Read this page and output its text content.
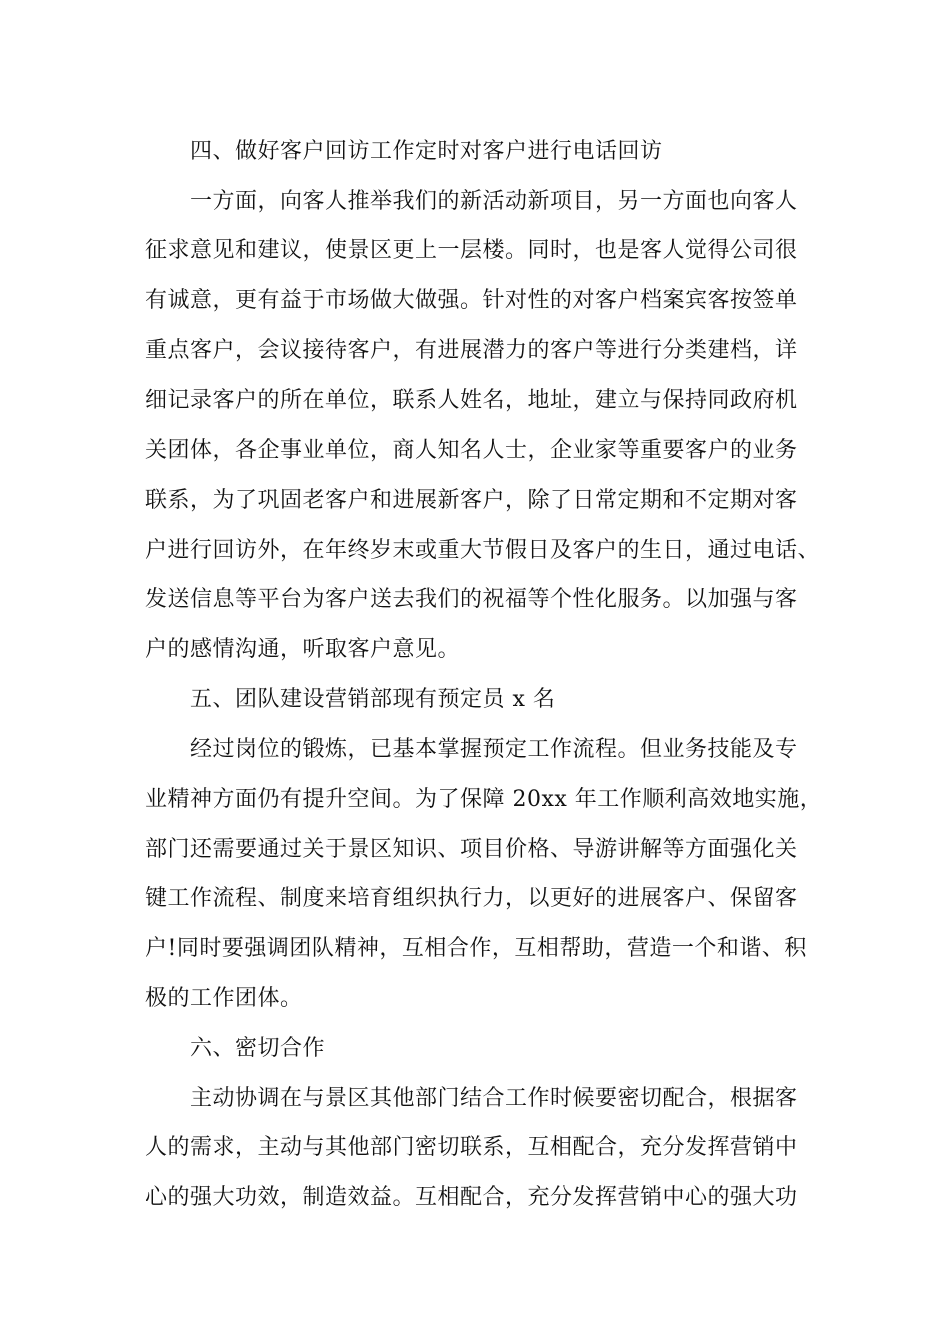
四、做好客户回访工作定时对客户进行电话回访
一方面，向客人推举我们的新活动新项目，另一方面也向客人
征求意见和建议，使景区更上一层楼。同时，也是客人觉得公司很
有诚意，更有益于市场做大做强。针对性的对客户档案宾客按签单
重点客户，会议接待客户，有进展潜力的客户等进行分类建档，详
细记录客户的所在单位，联系人姓名，地址，建立与保持同政府机
关团体，各企事业单位，商人知名人士，企业家等重要客户的业务
联系，为了巩固老客户和进展新客户，除了日常定期和不定期对客
户进行回访外，在年终岁末或重大节假日及客户的生日，通过电话、
发送信息等平台为客户送去我们的祝福等个性化服务。以加强与客
户的感情沟通，听取客户意见。
五、团队建设营销部现有预定员 x 名
经过岗位的锻炼，已基本掌握预定工作流程。但业务技能及专
业精神方面仍有提升空间。为了保障 20xx 年工作顺利高效地实施，
部门还需要通过关于景区知识、项目价格、导游讲解等方面强化关
键工作流程、制度来培育组织执行力，以更好的进展客户、保留客
户!同时要强调团队精神，互相合作，互相帮助，营造一个和谐、积
极的工作团体。
六、密切合作
主动协调在与景区其他部门结合工作时候要密切配合，根据客
人的需求，主动与其他部门密切联系，互相配合，充分发挥营销中
心的强大功效，制造效益。互相配合，充分发挥营销中心的强大功
